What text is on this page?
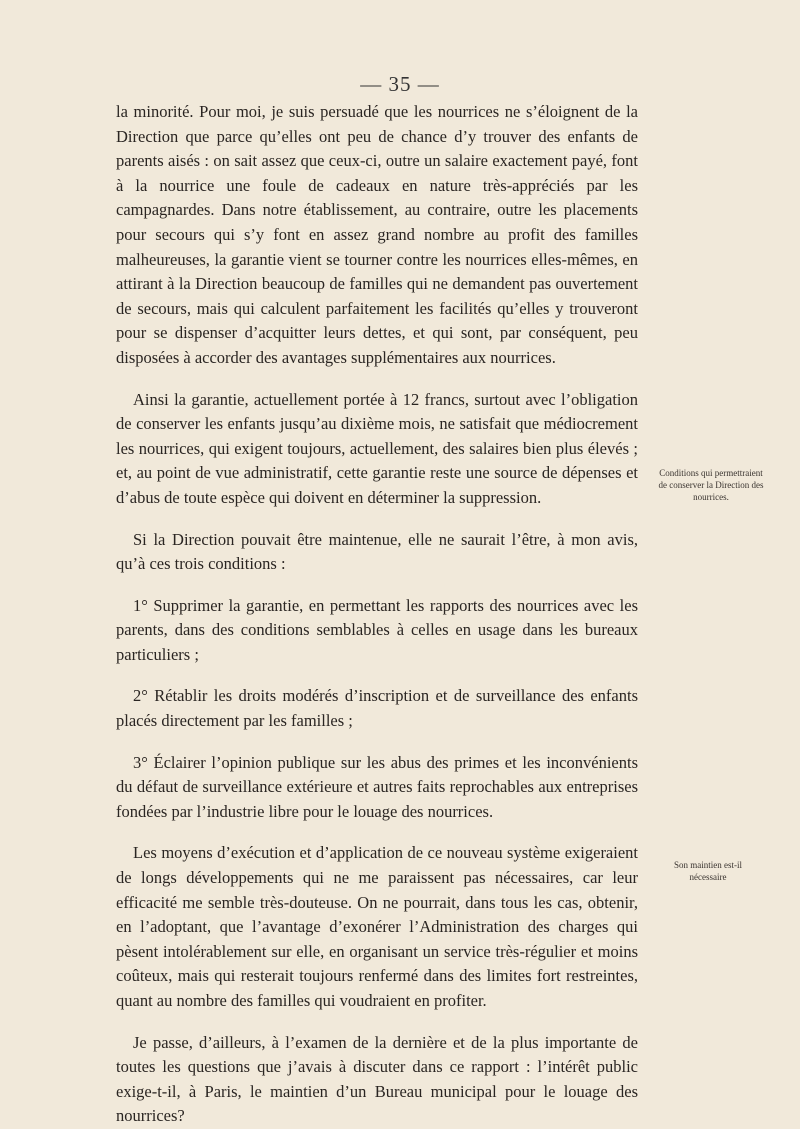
— 35 —

la minorité. Pour moi, je suis persuadé que les nourrices ne s’éloignent de la Direction que parce qu’elles ont peu de chance d’y trouver des enfants de parents aisés : on sait assez que ceux-ci, outre un salaire exactement payé, font à la nourrice une foule de cadeaux en nature très-appréciés par les campagnardes. Dans notre établissement, au contraire, outre les placements pour secours qui s’y font en assez grand nombre au profit des familles malheureuses, la garantie vient se tourner contre les nourrices elles-mêmes, en attirant à la Direction beaucoup de familles qui ne demandent pas ouvertement de secours, mais qui calculent parfaitement les facilités qu’elles y trouveront pour se dispenser d’acquitter leurs dettes, et qui sont, par conséquent, peu disposées à accorder des avantages supplémentaires aux nourrices.

Ainsi la garantie, actuellement portée à 12 francs, surtout avec l’obligation de conserver les enfants jusqu’au dixième mois, ne satisfait que médiocrement les nourrices, qui exigent toujours, actuellement, des salaires bien plus élevés ; et, au point de vue administratif, cette garantie reste une source de dépenses et d’abus de toute espèce qui doivent en déterminer la suppression.

Si la Direction pouvait être maintenue, elle ne saurait l’être, à mon avis, qu’à ces trois conditions :

1° Supprimer la garantie, en permettant les rapports des nourrices avec les parents, dans des conditions semblables à celles en usage dans les bureaux particuliers ;

2° Rétablir les droits modérés d’inscription et de surveillance des enfants placés directement par les familles ;

3° Éclairer l’opinion publique sur les abus des primes et les inconvénients du défaut de surveillance extérieure et autres faits reprochables aux entreprises fondées par l’industrie libre pour le louage des nourrices.

Les moyens d’exécution et d’application de ce nouveau système exigeraient de longs développements qui ne me paraissent pas nécessaires, car leur efficacité me semble très-douteuse. On ne pourrait, dans tous les cas, obtenir, en l’adoptant, que l’avantage d’exonérer l’Administration des charges qui pèsent intolérablement sur elle, en organisant un service très-régulier et moins coûteux, mais qui resterait toujours renfermé dans des limites fort restreintes, quant au nombre des familles qui voudraient en profiter.

Je passe, d’ailleurs, à l’examen de la dernière et de la plus importante de toutes les questions que j’avais à discuter dans ce rapport : l’intérêt public exige-t-il, à Paris, le maintien d’un Bureau municipal pour le louage des nourrices?

Conditions qui permettraient de conserver la Direction des nourrices.
Son maintien est-il nécessaire
